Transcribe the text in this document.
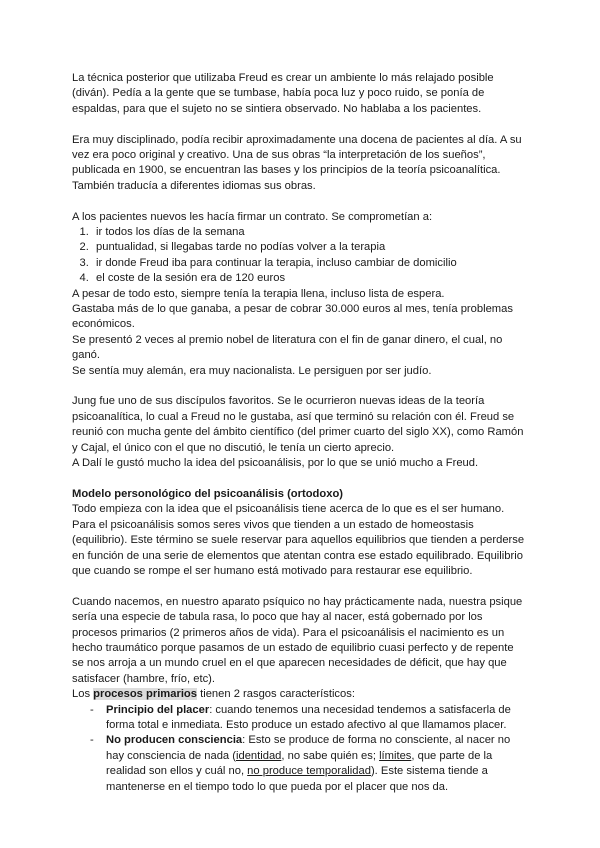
La técnica posterior que utilizaba Freud es crear un ambiente lo más relajado posible (diván). Pedía a la gente que se tumbase, había poca luz y poco ruido, se ponía de espaldas, para que el sujeto no se sintiera observado. No hablaba a los pacientes.

Era muy disciplinado, podía recibir aproximadamente una docena de pacientes al día. A su vez era poco original y creativo. Una de sus obras “la interpretación de los sueños”, publicada en 1900, se encuentran las bases y los principios de la teoría psicoanalítica. También traducía a diferentes idiomas sus obras.

A los pacientes nuevos les hacía firmar un contrato. Se comprometían a:

1. ir todos los días de la semana
2. puntualidad, si llegabas tarde no podías volver a la terapia
3. ir donde Freud iba para continuar la terapia, incluso cambiar de domicilio
4. el coste de la sesión era de 120 euros

A pesar de todo esto, siempre tenía la terapia llena, incluso lista de espera.

Gastaba más de lo que ganaba, a pesar de cobrar 30.000 euros al mes, tenía problemas económicos.

Se presentó 2 veces al premio nobel de literatura con el fin de ganar dinero, el cual, no ganó.

Se sentía muy alemán, era muy nacionalista. Le persiguen por ser judío.

Jung fue uno de sus discípulos favoritos. Se le ocurrieron nuevas ideas de la teoría psicoanalítica, lo cual a Freud no le gustaba, así que terminó su relación con él. Freud se reunió con mucha gente del ámbito científico (del primer cuarto del siglo XX), como Ramón y Cajal, el único con el que no discutió, le tenía un cierto aprecio.

A Dalí le gustó mucho la idea del psicoanálisis, por lo que se unió mucho a Freud.

Modelo personológico del psicoanálisis (ortodoxo)

Todo empieza con la idea que el psicoanálisis tiene acerca de lo que es el ser humano. Para el psicoanálisis somos seres vivos que tienden a un estado de homeostasis (equilibrio). Este término se suele reservar para aquellos equilibrios que tienden a perderse en función de una serie de elementos que atentan contra ese estado equilibrado. Equilibrio que cuando se rompe el ser humano está motivado para restaurar ese equilibrio.

Cuando nacemos, en nuestro aparato psíquico no hay prácticamente nada, nuestra psique sería una especie de tabula rasa, lo poco que hay al nacer, está gobernado por los procesos primarios (2 primeros años de vida). Para el psicoanálisis el nacimiento es un hecho traumático porque pasamos de un estado de equilibrio cuasi perfecto y de repente se nos arroja a un mundo cruel en el que aparecen necesidades de déficit, que hay que satisfacer (hambre, frío, etc).

Los procesos primarios tienen 2 rasgos característicos:

- Principio del placer: cuando tenemos una necesidad tendemos a satisfacerla de forma total e inmediata. Esto produce un estado afectivo al que llamamos placer.
- No producen consciencia: Esto se produce de forma no consciente, al nacer no hay consciencia de nada (identidad, no sabe quién es; límites, que parte de la realidad son ellos y cuál no, no produce temporalidad). Este sistema tiende a mantenerse en el tiempo todo lo que pueda por el placer que nos da.
